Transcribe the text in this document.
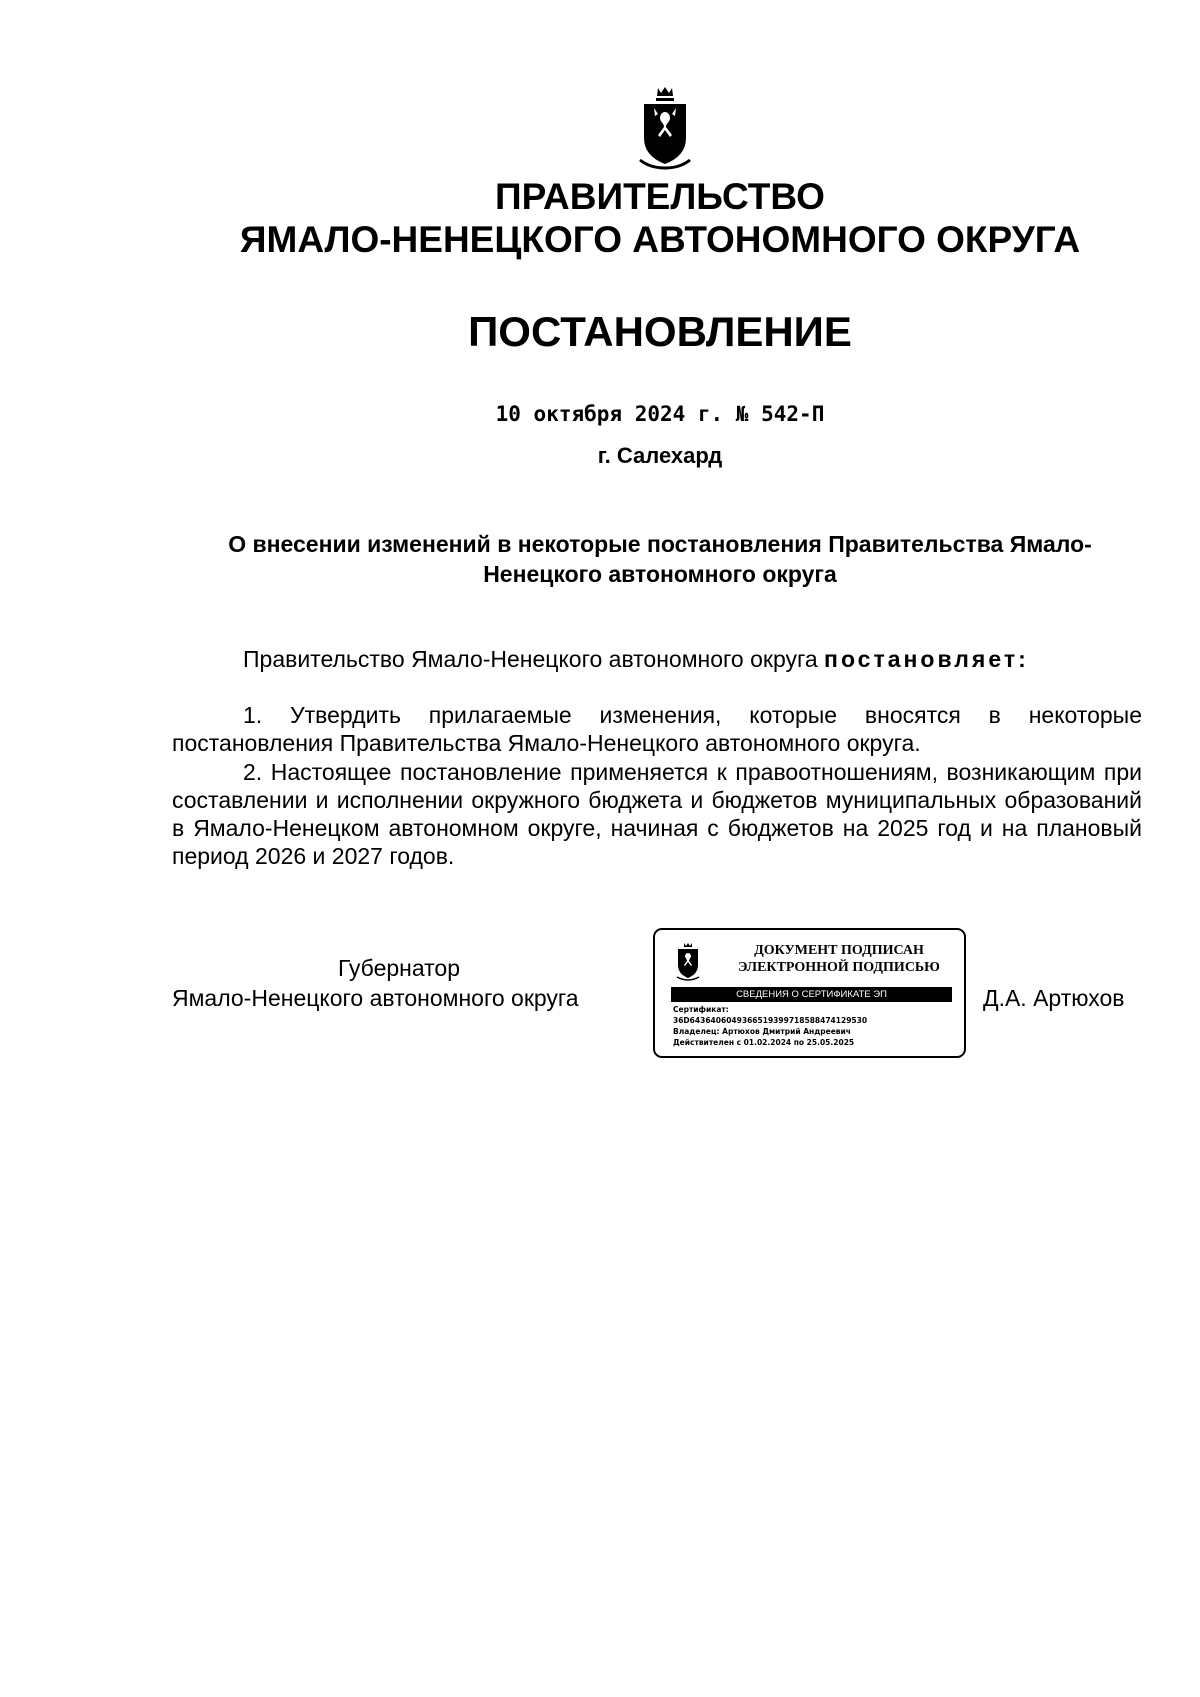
ПРАВИТЕЛЬСТВО
ЯМАЛО-НЕНЕЦКОГО АВТОНОМНОГО ОКРУГА
ПОСТАНОВЛЕНИЕ
10 октября 2024 г. № 542-П
г. Салехард
О внесении изменений в некоторые постановления Правительства Ямало-Ненецкого автономного округа
Правительство Ямало-Ненецкого автономного округа постановляет:
1. Утвердить прилагаемые изменения, которые вносятся в некоторые постановления Правительства Ямало-Ненецкого автономного округа.
2. Настоящее постановление применяется к правоотношениям, возникающим при составлении и исполнении окружного бюджета и бюджетов муниципальных образований в Ямало-Ненецком автономном округе, начиная с бюджетов на 2025 год и на плановый период 2026 и 2027 годов.
Губернатор
Ямало-Ненецкого автономного округа	Д.А. Артюхов
ДОКУМЕНТ ПОДПИСАН
ЭЛЕКТРОННОЙ ПОДПИСЬЮ
СВЕДЕНИЯ О СЕРТИФИКАТЕ ЭП
Сертификат:
36D6436406049366519399718588474129530
Владелец: Артюхов Дмитрий Андреевич
Действителен с 01.02.2024 по 25.05.2025
